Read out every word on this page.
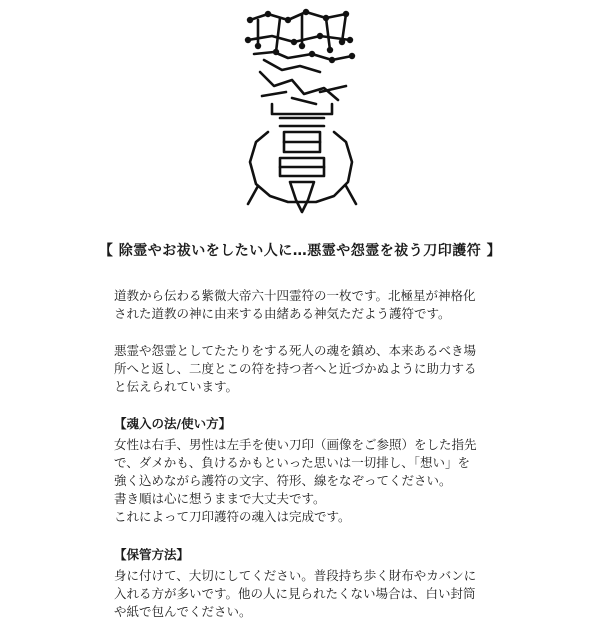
【 除霊やお祓いをしたい人に…悪霊や怨霊を祓う刀印護符 】
道教から伝わる紫微大帝六十四霊符の一枚です。北極星が神格化
された道教の神に由来する由緒ある神気ただよう護符です。
悪霊や怨霊としてたたりをする死人の魂を鎮め、本来あるべき場
所へと返し、二度とこの符を持つ者へと近づかぬように助力する
と伝えられています。
【魂入の法/使い方】
女性は右手、男性は左手を使い刀印（画像をご参照）をした指先
で、ダメかも、負けるかもといった思いは一切排し、「想い」を
強く込めながら護符の文字、符形、線をなぞってください。
書き順は心に想うままで大丈夫です。
これによって刀印護符の魂入は完成です。
【保管方法】
身に付けて、大切にしてください。普段持ち歩く財布やカバンに
入れる方が多いです。他の人に見られたくない場合は、白い封筒
や紙で包んでください。
